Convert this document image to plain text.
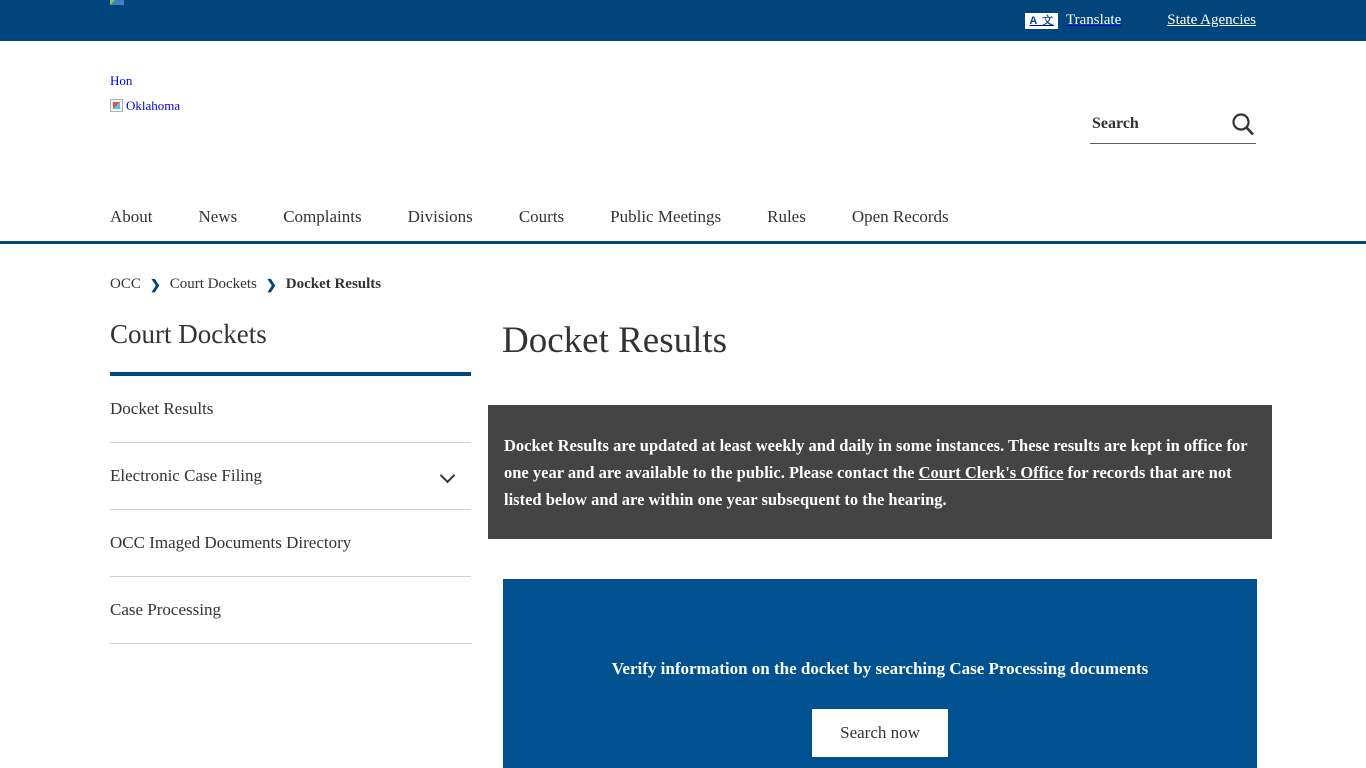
A 文 Translate	State Agencies
Hon
Oklahoma
Search
About	News	Complaints	Divisions	Courts	Public Meetings	Rules	Open Records
OCC ❯ Court Dockets ❯ Docket Results
Court Dockets
Docket Results
Electronic Case Filing
OCC Imaged Documents Directory
Case Processing
Docket Results
Docket Results are updated at least weekly and daily in some instances. These results are kept in office for one year and are available to the public. Please contact the Court Clerk's Office for records that are not listed below and are within one year subsequent to the hearing.
Verify information on the docket by searching Case Processing documents
Search now
